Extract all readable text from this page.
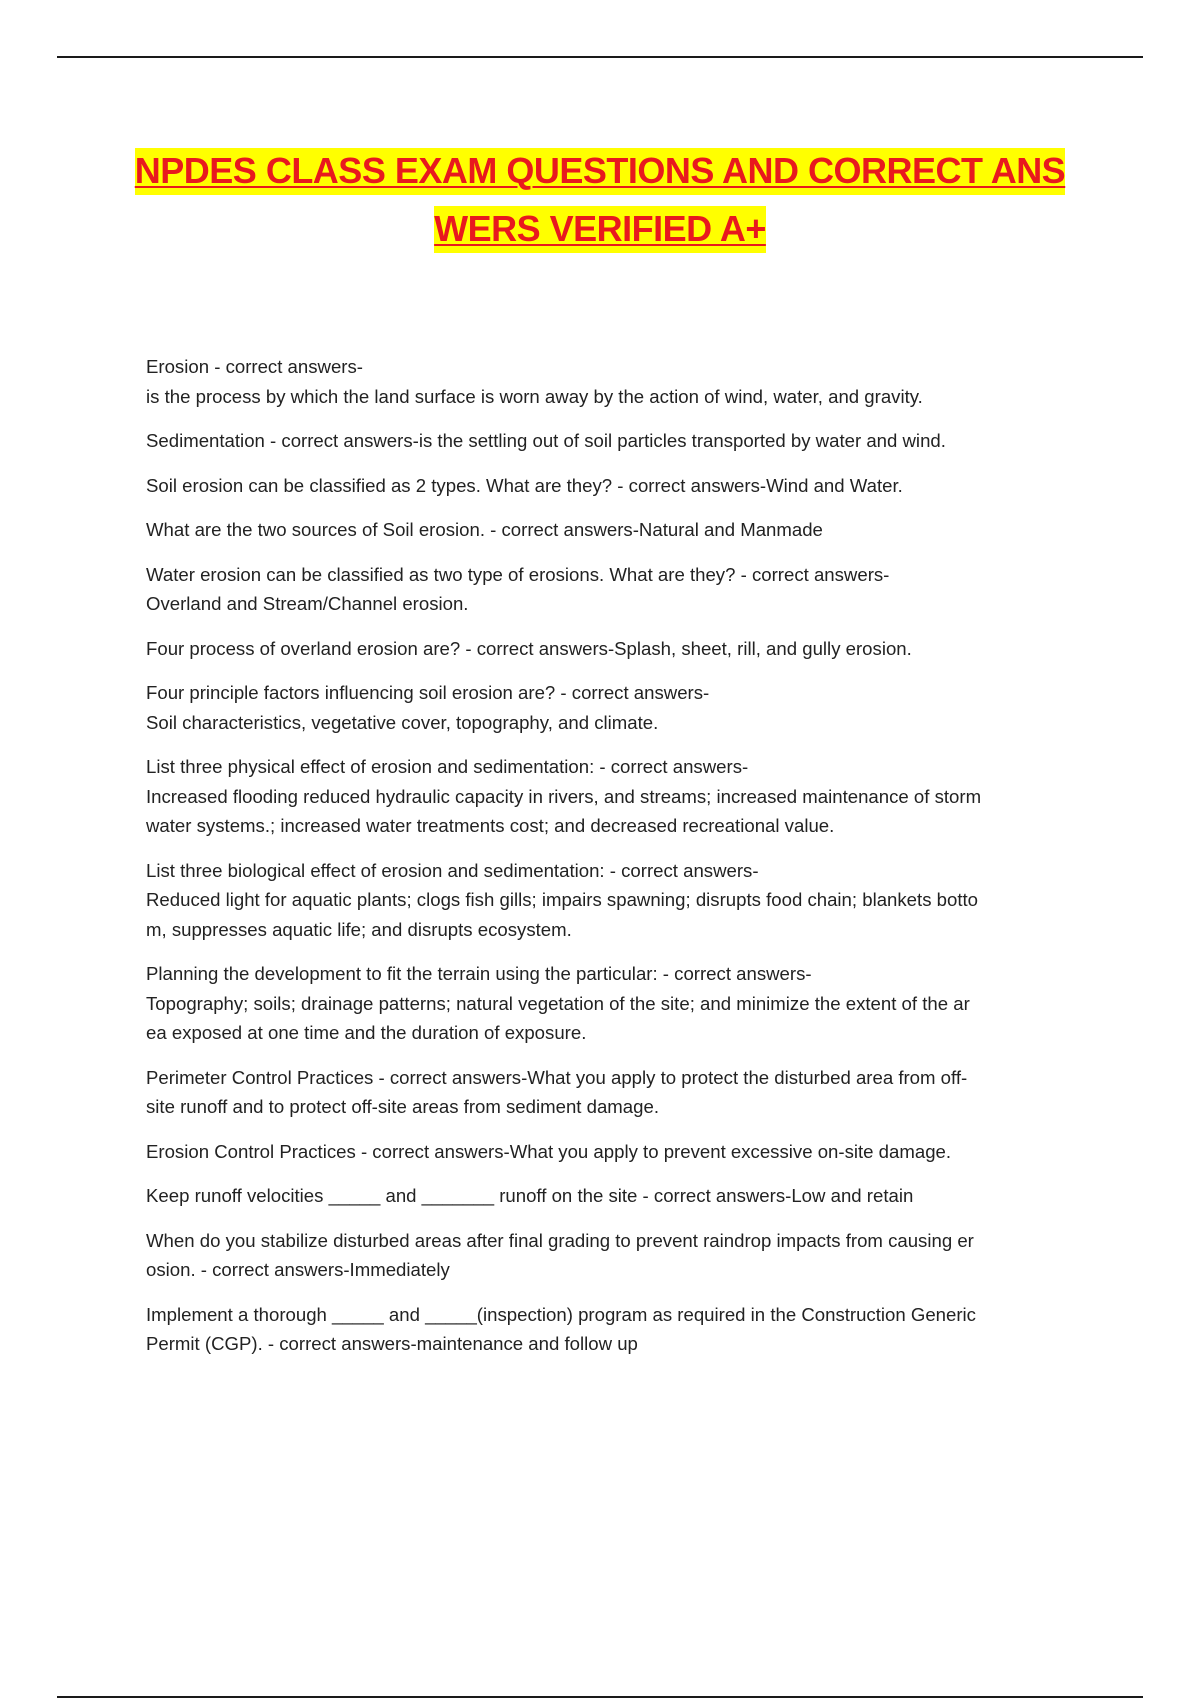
NPDES CLASS EXAM QUESTIONS AND CORRECT ANS
WERS VERIFIED A+

Erosion - correct answers-
is the process by which the land surface is worn away by the action of wind, water, and gravity.

Sedimentation - correct answers-is the settling out of soil particles transported by water and wind.

Soil erosion can be classified as 2 types. What are they? - correct answers-Wind and Water.

What are the two sources of Soil erosion. - correct answers-Natural and Manmade

Water erosion can be classified as two type of erosions. What are they? - correct answers-
Overland and Stream/Channel erosion.

Four process of overland erosion are? - correct answers-Splash, sheet, rill, and gully erosion.

Four principle factors influencing soil erosion are? - correct answers-
Soil characteristics, vegetative cover, topography, and climate.

List three physical effect of erosion and sedimentation: - correct answers-
Increased flooding reduced hydraulic capacity in rivers, and streams; increased maintenance of storm
water systems.; increased water treatments cost; and decreased recreational value.

List three biological effect of erosion and sedimentation: - correct answers-
Reduced light for aquatic plants; clogs fish gills; impairs spawning; disrupts food chain; blankets botto
m, suppresses aquatic life; and disrupts ecosystem.

Planning the development to fit the terrain using the particular: - correct answers-
Topography; soils; drainage patterns; natural vegetation of the site; and minimize the extent of the ar
ea exposed at one time and the duration of exposure.

Perimeter Control Practices - correct answers-What you apply to protect the disturbed area from off-
site runoff and to protect off-site areas from sediment damage.

Erosion Control Practices - correct answers-What you apply to prevent excessive on-site damage.

Keep runoff velocities _____ and _______ runoff on the site - correct answers-Low and retain

When do you stabilize disturbed areas after final grading to prevent raindrop impacts from causing er
osion. - correct answers-Immediately

Implement a thorough _____ and _____(inspection) program as required in the Construction Generic
Permit (CGP). - correct answers-maintenance and follow up
